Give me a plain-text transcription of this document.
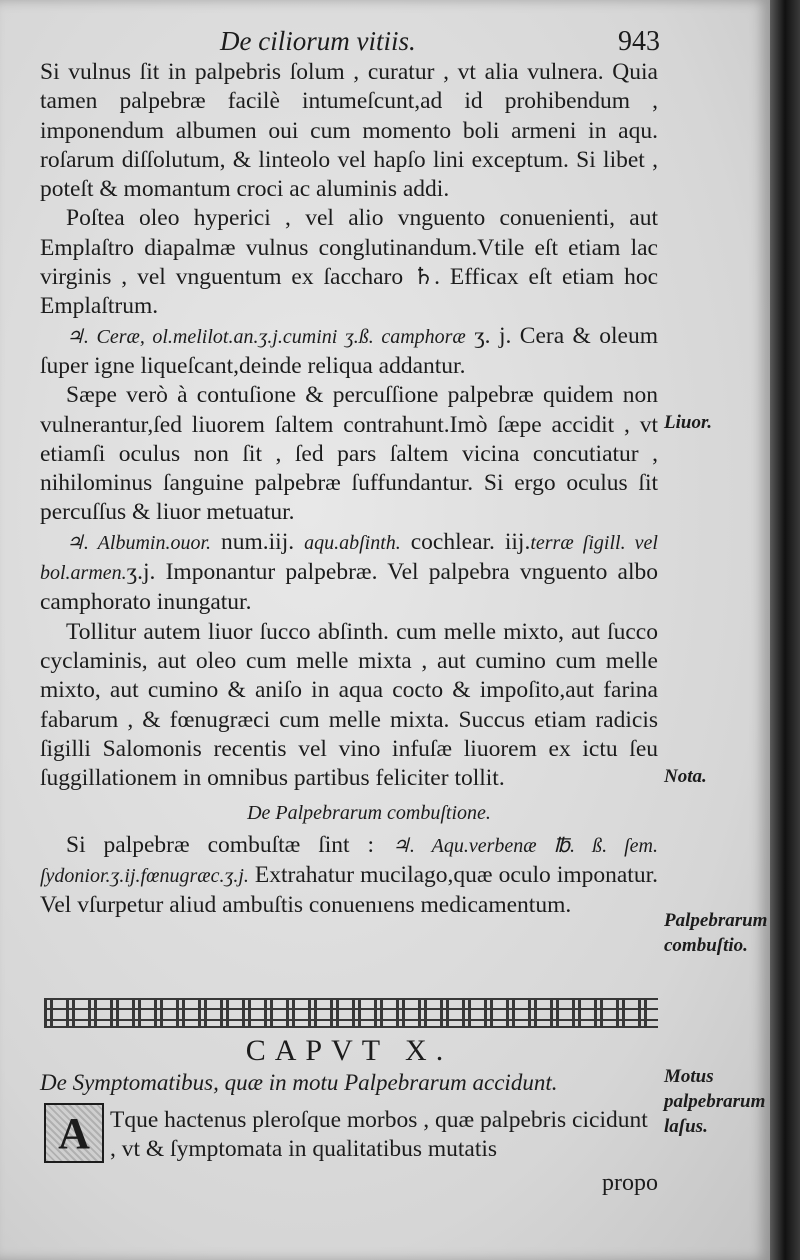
De ciliorum vitiis.	943

Si vulnus ſit in palpebris ſolum , curatur , vt alia vulnera. Quia tamen palpebræ facilè intumeſcunt,ad id prohibendum , imponendum albumen oui cum momento boli armeni in aqu. roſarum diſſolutum, & linteolo vel hapſo lini exceptum. Si libet , poteſt & momantum croci ac aluminis addi.

Poſtea oleo hyperici , vel alio vnguento conuenienti, aut Emplaſtro diapalmæ vulnus conglutinandum.Vtile eſt etiam lac virginis , vel vnguentum ex ſaccharo ♄. Efficax eſt etiam hoc Emplaſtrum.

♃. Ceræ, ol.melilot.an.ʒ.j.cumini ʒ.ß. camphoræ ʒ. j. Cera & oleum ſuper igne liqueſcant,deinde reliqua addantur.

Sæpe verò à contuſione & percuſſione palpebræ quidem non vulnerantur,ſed liuorem ſaltem contrahunt.Imò ſæpe accidit , vt etiamſi oculus non ſit , ſed pars ſaltem vicina concutiatur , nihilominus ſanguine palpebræ ſuffundantur. Si ergo oculus ſit percuſſus & liuor metuatur.

♃. Albumin.ouor. num.iij. aqu.abſinth. cochlear. iij.terræ ſigill. vel bol.armen.ʒ.j. Imponantur palpebræ. Vel palpebra vnguento albo camphorato inungatur.

Tollitur autem liuor ſucco abſinth. cum melle mixto, aut ſucco cyclaminis, aut oleo cum melle mixta , aut cumino cum melle mixto, aut cumino & aniſo in aqua cocto & impoſito,aut farina fabarum , & fœnugræci cum melle mixta. Succus etiam radicis ſigilli Salomonis recentis vel vino infuſæ liuorem ex ictu ſeu ſuggillationem in omnibus partibus feliciter tollit.

De Palpebrarum combuſtione.

Si palpebræ combuſtæ ſint : ♃. Aqu.verbenæ ℔. ß. ſem. ſydonior.ʒ.ij.fœnugræc.ʒ.j. Extrahatur mucilago,quæ oculo imponatur. Vel vſurpetur aliud ambuſtis conuenıens medicamentum.

Liuor.
Nota.
Palpebrarum combuſtio.
CAPVT X.
De Symptomatibus, quæ in motu Palpebrarum accidunt.
A Tque hactenus pleroſque morbos , quæ palpebris cicidunt , vt & ſymptomata in qualitatibus mutatis
Motus palpebrarum laſus.
propo
